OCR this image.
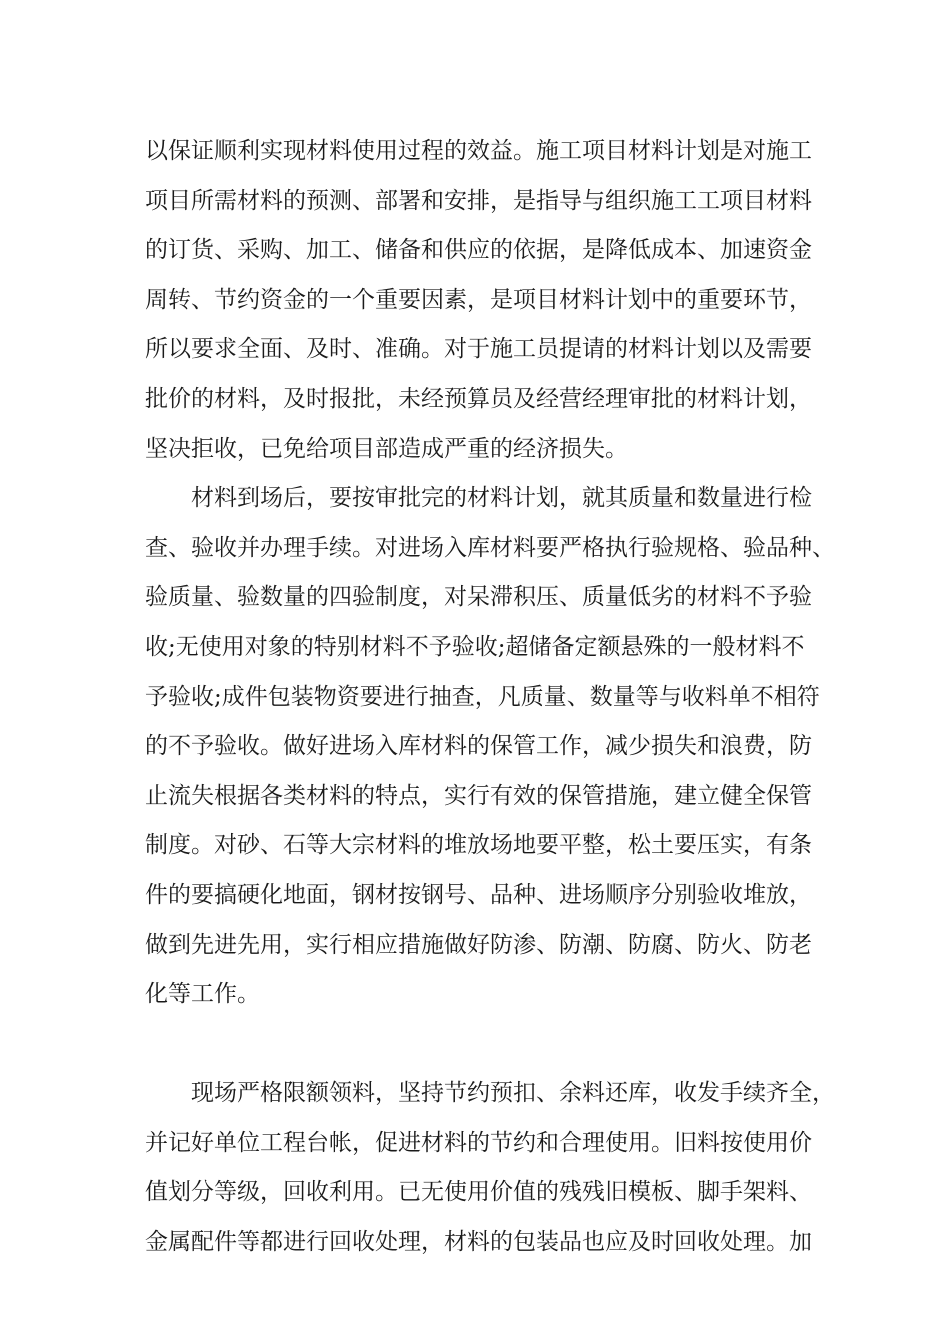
以保证顺利实现材料使用过程的效益。施工项目材料计划是对施工
项目所需材料的预测、部署和安排，是指导与组织施工工项目材料
的订货、采购、加工、储备和供应的依据，是降低成本、加速资金
周转、节约资金的一个重要因素，是项目材料计划中的重要环节，
所以要求全面、及时、准确。对于施工员提请的材料计划以及需要
批价的材料，及时报批，未经预算员及经营经理审批的材料计划，
坚决拒收，已免给项目部造成严重的经济损失。
材料到场后，要按审批完的材料计划，就其质量和数量进行检
查、验收并办理手续。对进场入库材料要严格执行验规格、验品种、
验质量、验数量的四验制度，对呆滞积压、质量低劣的材料不予验
收;无使用对象的特别材料不予验收;超储备定额悬殊的一般材料不
予验收;成件包装物资要进行抽查，凡质量、数量等与收料单不相符
的不予验收。做好进场入库材料的保管工作，减少损失和浪费，防
止流失根据各类材料的特点，实行有效的保管措施，建立健全保管
制度。对砂、石等大宗材料的堆放场地要平整，松土要压实，有条
件的要搞硬化地面，钢材按钢号、品种、进场顺序分别验收堆放，
做到先进先用，实行相应措施做好防渗、防潮、防腐、防火、防老
化等工作。
现场严格限额领料，坚持节约预扣、余料还库，收发手续齐全，
并记好单位工程台帐，促进材料的节约和合理使用。旧料按使用价
值划分等级，回收利用。已无使用价值的残残旧模板、脚手架料、
金属配件等都进行回收处理，材料的包装品也应及时回收处理。加
